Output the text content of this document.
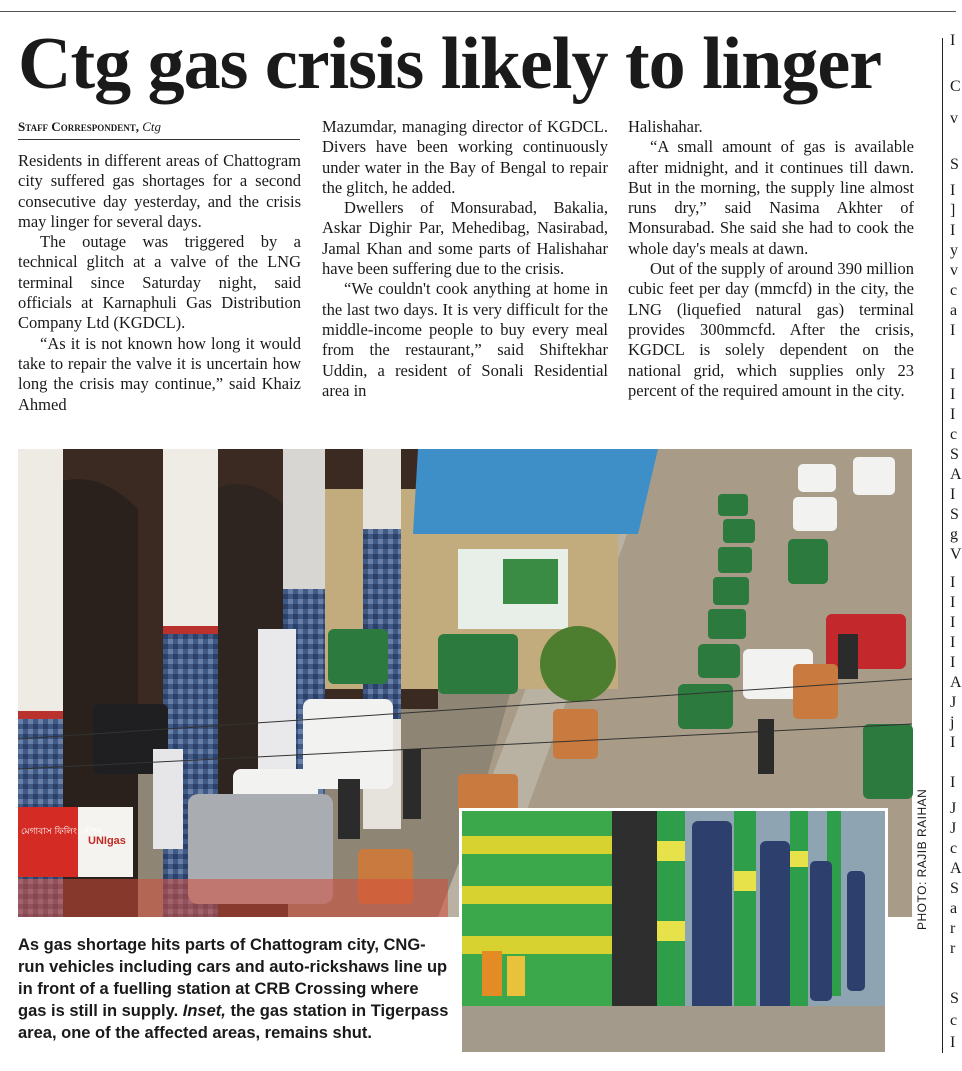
Ctg gas crisis likely to linger
Staff Correspondent, Ctg

Residents in different areas of Chattogram city suffered gas shortages for a second consecutive day yesterday, and the crisis may linger for several days.

The outage was triggered by a technical glitch at a valve of the LNG terminal since Saturday night, said officials at Karnaphuli Gas Distribution Company Ltd (KGDCL).

“As it is not known how long it would take to repair the valve it is uncertain how long the crisis may continue,” said Khaiz Ahmed

Mazumdar, managing director of KGDCL. Divers have been working continuously under water in the Bay of Bengal to repair the glitch, he added.

Dwellers of Monsurabad, Bakalia, Askar Dighir Par, Mehedibag, Nasirabad, Jamal Khan and some parts of Halishahar have been suffering due to the crisis.

“We couldn't cook anything at home in the last two days. It is very difficult for the middle-income people to buy every meal from the restaurant,” said Shiftekhar Uddin, a resident of Sonali Residential area in

Halishahar.

“A small amount of gas is available after midnight, and it continues till dawn. But in the morning, the supply line almost runs dry,” said Nasima Akhter of Monsurabad. She said she had to cook the whole day's meals at dawn.

Out of the supply of around 390 million cubic feet per day (mmcfd) in the city, the LNG (liquefied natural gas) terminal provides 300mmcfd. After the crisis, KGDCL is solely dependent on the national grid, which supplies only 23 percent of the required amount in the city.

UNIgas
মেগাবাস ফিলিং স্টেশন	PHOTO: RAJIB RAIHAN
As gas shortage hits parts of Chattogram city, CNG-run vehicles including cars and auto-rickshaws line up in front of a fuelling station at CRB Crossing where gas is still in supply. Inset, the gas station in Tigerpass area, one of the affected areas, remains shut.
I
C
v
S
I
]
I
y
v
c
a
I
I
I
I
c
S
A
I
S
g
V
I
I
I
I
I
A
J
j
I
I
J
J
c
A
S
a
r
r
S
c
I
